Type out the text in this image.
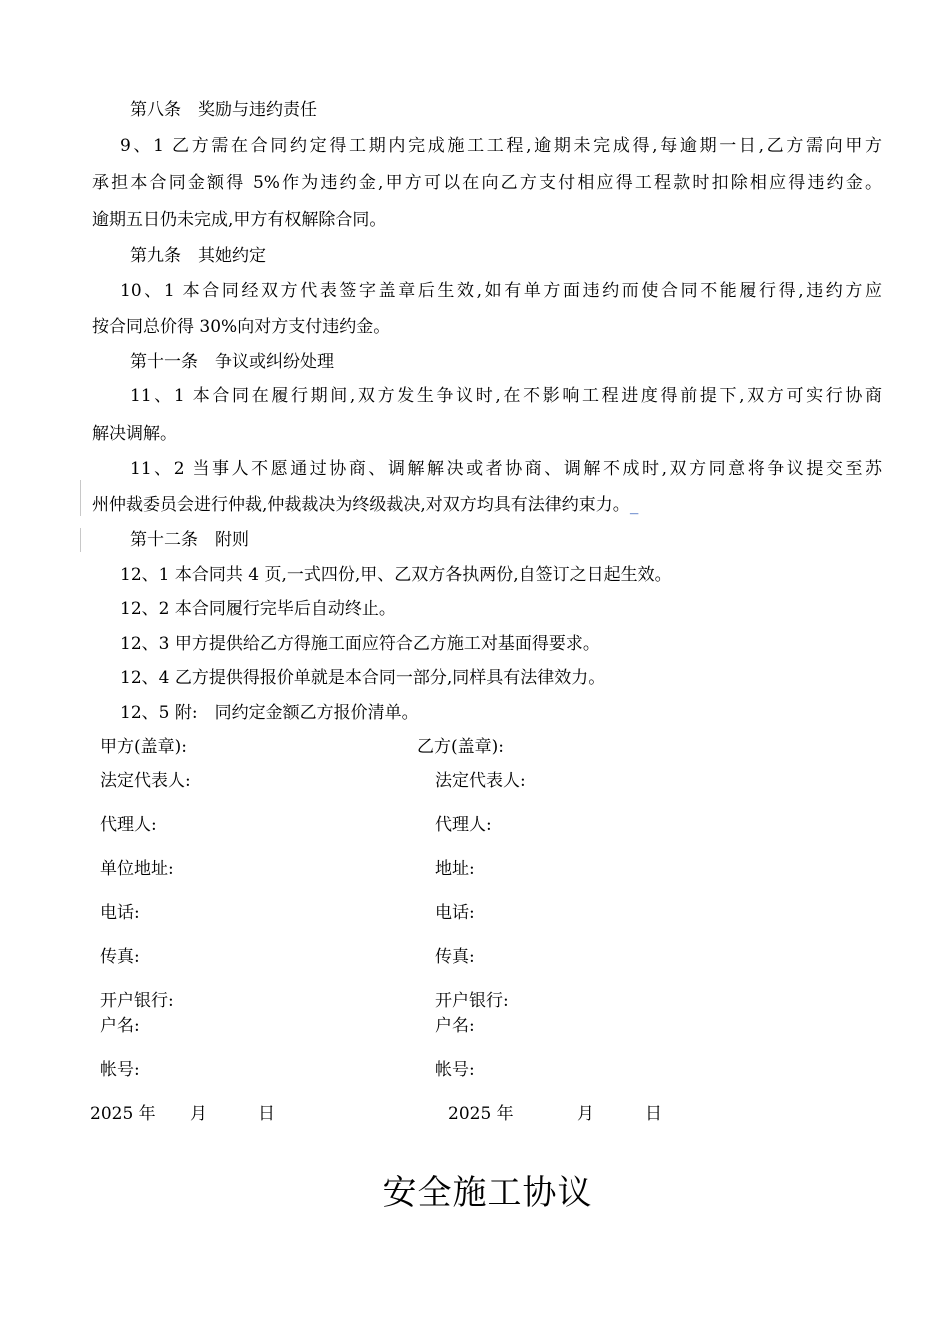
第八条　奖励与违约责任
9、1 乙方需在合同约定得工期内完成施工工程,逾期未完成得,每逾期一日,乙方需向甲方
承担本合同金额得 5%作为违约金,甲方可以在向乙方支付相应得工程款时扣除相应得违约金。
逾期五日仍未完成,甲方有权解除合同。
第九条　其她约定
10、1 本合同经双方代表签字盖章后生效,如有单方面违约而使合同不能履行得,违约方应
按合同总价得 30%向对方支付违约金。
第十一条　争议或纠纷处理
11、1 本合同在履行期间,双方发生争议时,在不影响工程进度得前提下,双方可实行协商
解决调解。
11、2 当事人不愿通过协商、调解解决或者协商、调解不成时,双方同意将争议提交至苏
州仲裁委员会进行仲裁,仲裁裁决为终级裁决,对双方均具有法律约束力。_
第十二条　附则
12、1 本合同共 4 页,一式四份,甲、乙双方各执两份,自签订之日起生效。
12、2 本合同履行完毕后自动终止。
12、3 甲方提供给乙方得施工面应符合乙方施工对基面得要求。
12、4 乙方提供得报价单就是本合同一部分,同样具有法律效力。
12、5 附:　同约定金额乙方报价清单。
甲方(盖章):
法定代表人:
代理人:
单位地址:
电话:
传真:
开户银行:
户名:
帐号:
乙方(盖章):
法定代表人:
代理人:
地址:
电话:
传真:
开户银行:
户名:
帐号:
2025 年 月	日	2025 年	月	日
安全施工协议
